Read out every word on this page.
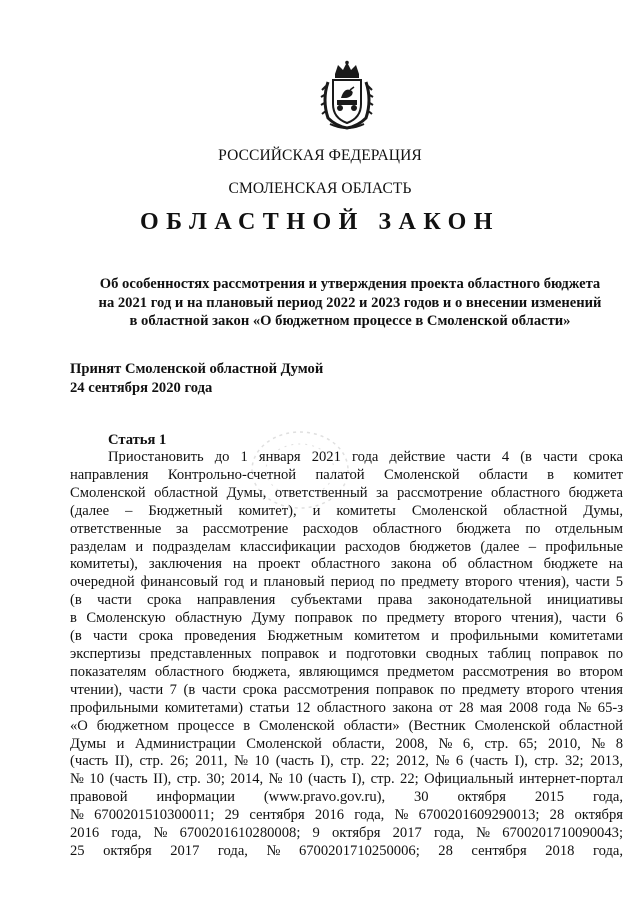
РОССИЙСКАЯ ФЕДЕРАЦИЯ
СМОЛЕНСКАЯ ОБЛАСТЬ
ОБЛАСТНОЙ ЗАКОН
Об особенностях рассмотрения и утверждения проекта областного бюджета
на 2021 год и на плановый период 2022 и 2023 годов и о внесении изменений
в областной закон «О бюджетном процессе в Смоленской области»
Принят Смоленской областной Думой
24 сентября 2020 года
Статья 1
Приостановить до 1 января 2021 года действие части 4 (в части срока
направления Контрольно-счетной палатой Смоленской области в комитет
Смоленской областной Думы, ответственный за рассмотрение областного бюджета
(далее – Бюджетный комитет), и комитеты Смоленской областной Думы,
ответственные за рассмотрение расходов областного бюджета по отдельным
разделам и подразделам классификации расходов бюджетов (далее – профильные
комитеты), заключения на проект областного закона об областном бюджете на
очередной финансовый год и плановый период по предмету второго чтения), части 5
(в части срока направления субъектами права законодательной инициативы
в Смоленскую областную Думу поправок по предмету второго чтения), части 6
(в части срока проведения Бюджетным комитетом и профильными комитетами
экспертизы представленных поправок и подготовки сводных таблиц поправок по
показателям областного бюджета, являющимся предметом рассмотрения во втором
чтении), части 7 (в части срока рассмотрения поправок по предмету второго чтения
профильными комитетами) статьи 12 областного закона от 28 мая 2008 года № 65-з
«О бюджетном процессе в Смоленской области» (Вестник Смоленской областной
Думы и Администрации Смоленской области, 2008, № 6, стр. 65; 2010, № 8
(часть II), стр. 26; 2011, № 10 (часть I), стр. 22; 2012, № 6 (часть I), стр. 32; 2013,
№ 10 (часть II), стр. 30; 2014, № 10 (часть I), стр. 22; Официальный интернет-портал
правовой информации (www.pravo.gov.ru), 30 октября 2015 года,
№ 6700201510300011; 29 сентября 2016 года, № 6700201609290013; 28 октября
2016 года, № 6700201610280008; 9 октября 2017 года, № 6700201710090043;
25 октября 2017 года, № 6700201710250006; 28 сентября 2018 года,
